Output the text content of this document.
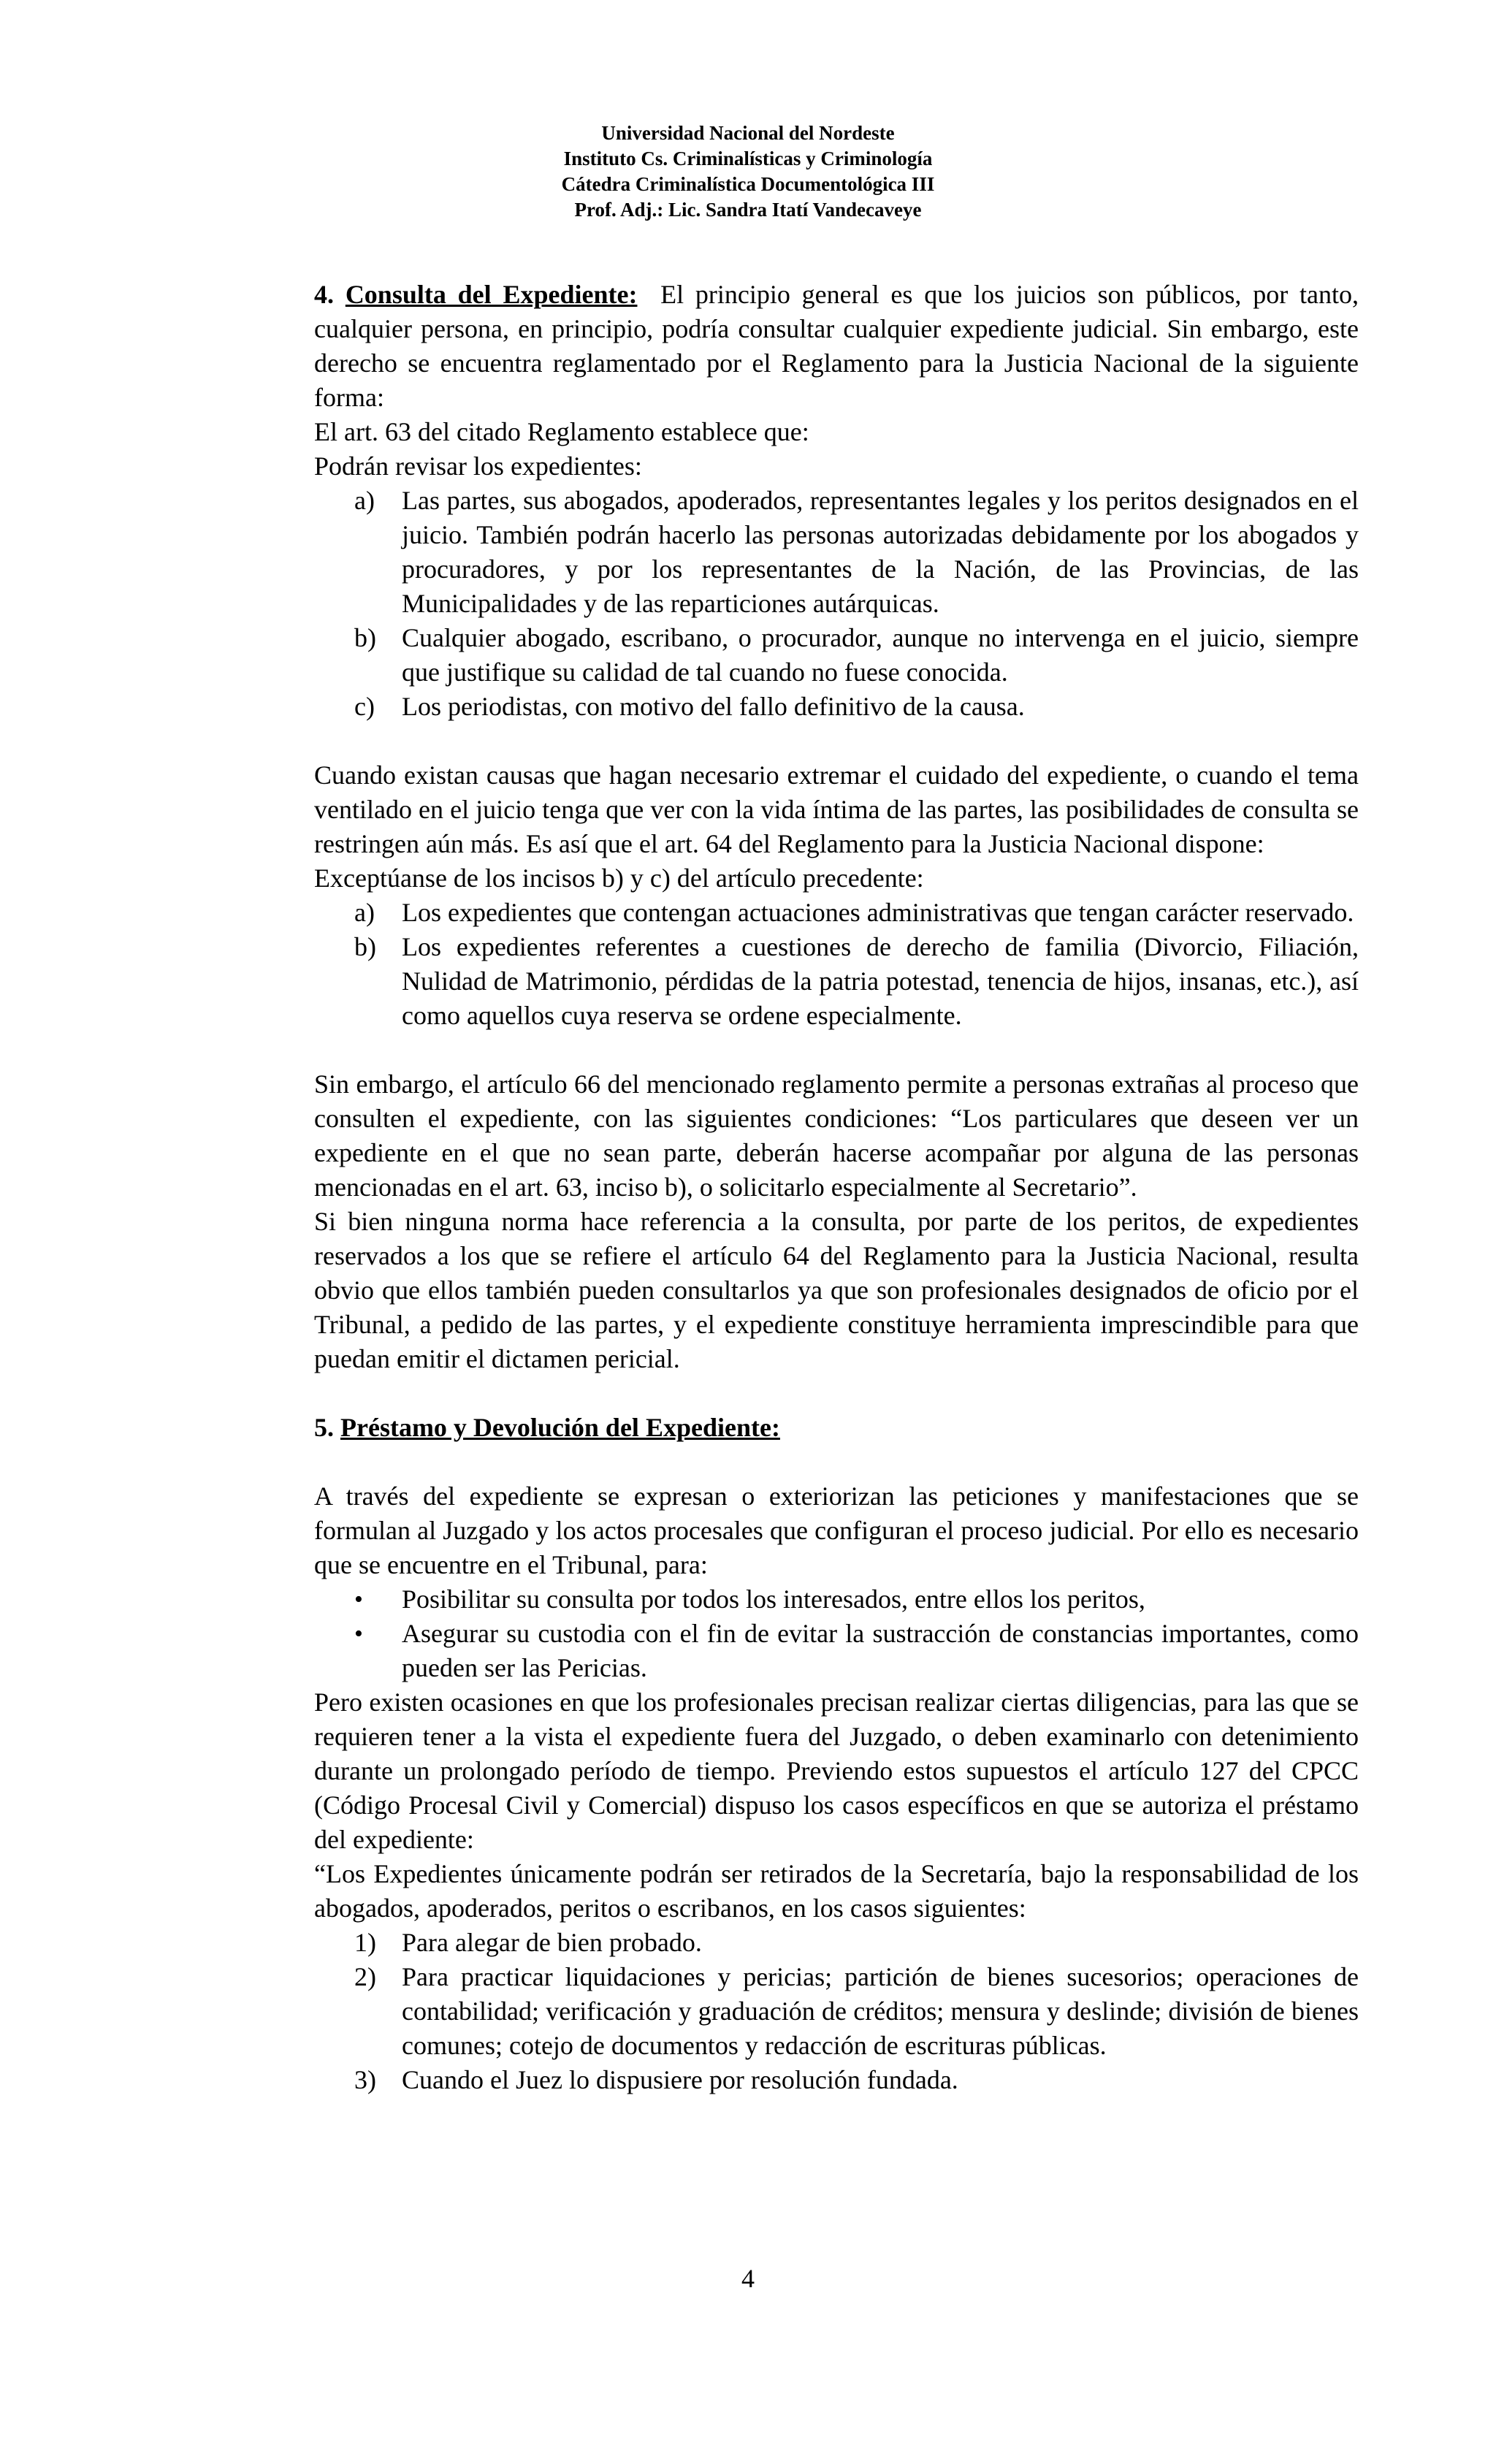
Universidad Nacional del Nordeste
Instituto Cs. Criminalísticas y Criminología
Cátedra Criminalística Documentológica III
Prof. Adj.: Lic. Sandra Itatí Vandecaveye

4. Consulta del Expediente: El principio general es que los juicios son públicos, por tanto, cualquier persona, en principio, podría consultar cualquier expediente judicial. Sin embargo, este derecho se encuentra reglamentado por el Reglamento para la Justicia Nacional de la siguiente forma:

El art. 63 del citado Reglamento establece que:

Podrán revisar los expedientes:

a) Las partes, sus abogados, apoderados, representantes legales y los peritos designados en el juicio. También podrán hacerlo las personas autorizadas debidamente por los abogados y procuradores, y por los representantes de la Nación, de las Provincias, de las Municipalidades y de las reparticiones autárquicas.
b) Cualquier abogado, escribano, o procurador, aunque no intervenga en el juicio, siempre que justifique su calidad de tal cuando no fuese conocida.
c) Los periodistas, con motivo del fallo definitivo de la causa.

Cuando existan causas que hagan necesario extremar el cuidado del expediente, o cuando el tema ventilado en el juicio tenga que ver con la vida íntima de las partes, las posibilidades de consulta se restringen aún más. Es así que el art. 64 del Reglamento para la Justicia Nacional dispone:

Exceptúanse de los incisos b) y c) del artículo precedente:

a) Los expedientes que contengan actuaciones administrativas que tengan carácter reservado.
b) Los expedientes referentes a cuestiones de derecho de familia (Divorcio, Filiación, Nulidad de Matrimonio, pérdidas de la patria potestad, tenencia de hijos, insanas, etc.), así como aquellos cuya reserva se ordene especialmente.

Sin embargo, el artículo 66 del mencionado reglamento permite a personas extrañas al proceso que consulten el expediente, con las siguientes condiciones: “Los particulares que deseen ver un expediente en el que no sean parte, deberán hacerse acompañar por alguna de las personas mencionadas en el art. 63, inciso b), o solicitarlo especialmente al Secretario”.

Si bien ninguna norma hace referencia a la consulta, por parte de los peritos, de expedientes reservados a los que se refiere el artículo 64 del Reglamento para la Justicia Nacional, resulta obvio que ellos también pueden consultarlos ya que son profesionales designados de oficio por el Tribunal, a pedido de las partes, y el expediente constituye herramienta imprescindible para que puedan emitir el dictamen pericial.

5. Préstamo y Devolución del Expediente:

A través del expediente se expresan o exteriorizan las peticiones y manifestaciones que se formulan al Juzgado y los actos procesales que configuran el proceso judicial. Por ello es necesario que se encuentre en el Tribunal, para:

• Posibilitar su consulta por todos los interesados, entre ellos los peritos,
• Asegurar su custodia con el fin de evitar la sustracción de constancias importantes, como pueden ser las Pericias.

Pero existen ocasiones en que los profesionales precisan realizar ciertas diligencias, para las que se requieren tener a la vista el expediente fuera del Juzgado, o deben examinarlo con detenimiento durante un prolongado período de tiempo. Previendo estos supuestos el artículo 127 del CPCC (Código Procesal Civil y Comercial) dispuso los casos específicos en que se autoriza el préstamo del expediente:

“Los Expedientes únicamente podrán ser retirados de la Secretaría, bajo la responsabilidad de los abogados, apoderados, peritos o escribanos, en los casos siguientes:

1) Para alegar de bien probado.
2) Para practicar liquidaciones y pericias; partición de bienes sucesorios; operaciones de contabilidad; verificación y graduación de créditos; mensura y deslinde; división de bienes comunes; cotejo de documentos y redacción de escrituras públicas.
3) Cuando el Juez lo dispusiere por resolución fundada.
4
